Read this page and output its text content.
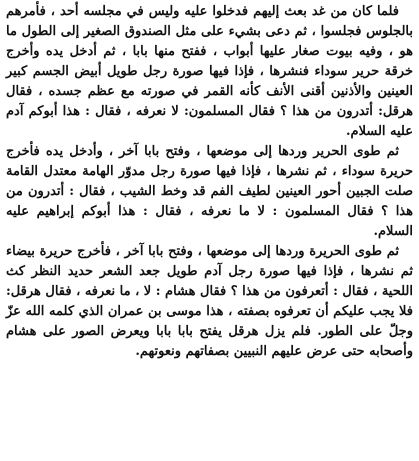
فلما كان من غد بعث إليهم فدخلوا عليه وليس في مجلسه أحد ، فأمرهم بالجلوس فجلسوا ، ثم دعى بشيء على مثل الصندوق الصغير إلى الطول ما هو ، وفيه بيوت صغار عليها أبواب ، ففتح منها بابا ، ثم أدخل يده وأخرج خرقة حرير سوداء فنشرها ، فإذا فيها صورة رجل طويل أبيض الجسم كبير العينين والأذنين أقنى الأنف كأنه القمر في صورته مع عظم جسده ، فقال هرقل: أتدرون من هذا ؟ فقال المسلمون: لا نعرفه ، فقال : هذا أبوكم آدم عليه السلام.

ثم طوى الحرير وردها إلى موضعها ، وفتح بابا آخر ، وأدخل يده فأخرج حريرة سوداء ، ثم نشرها ، فإذا فيها صورة رجل مدوّر الهامة معتدل القامة صلت الجبين أحور العينين لطيف الفم قد وخط الشيب ، فقال : أتدرون من هذا ؟ فقال المسلمون : لا ما نعرفه ، فقال : هذا أبوكم إبراهيم عليه السلام.

ثم طوى الحريرة وردها إلى موضعها ، وفتح بابا آخر ، فأخرج حريرة بيضاء ثم نشرها ، فإذا فيها صورة رجل آدم طويل جعد الشعر حديد النظر كث اللحية ، فقال : أتعرفون من هذا ؟ فقال هشام : لا ، ما نعرفه ، فقال هرقل: فلا يجب عليكم أن تعرفوه بصفته ، هذا موسى بن عمران الذي كلمه الله عزّ وجلّ على الطور. فلم يزل هرقل يفتح بابا بابا ويعرض الصور على هشام وأصحابه حتى عرض عليهم النبيين بصفاتهم ونعوتهم.
